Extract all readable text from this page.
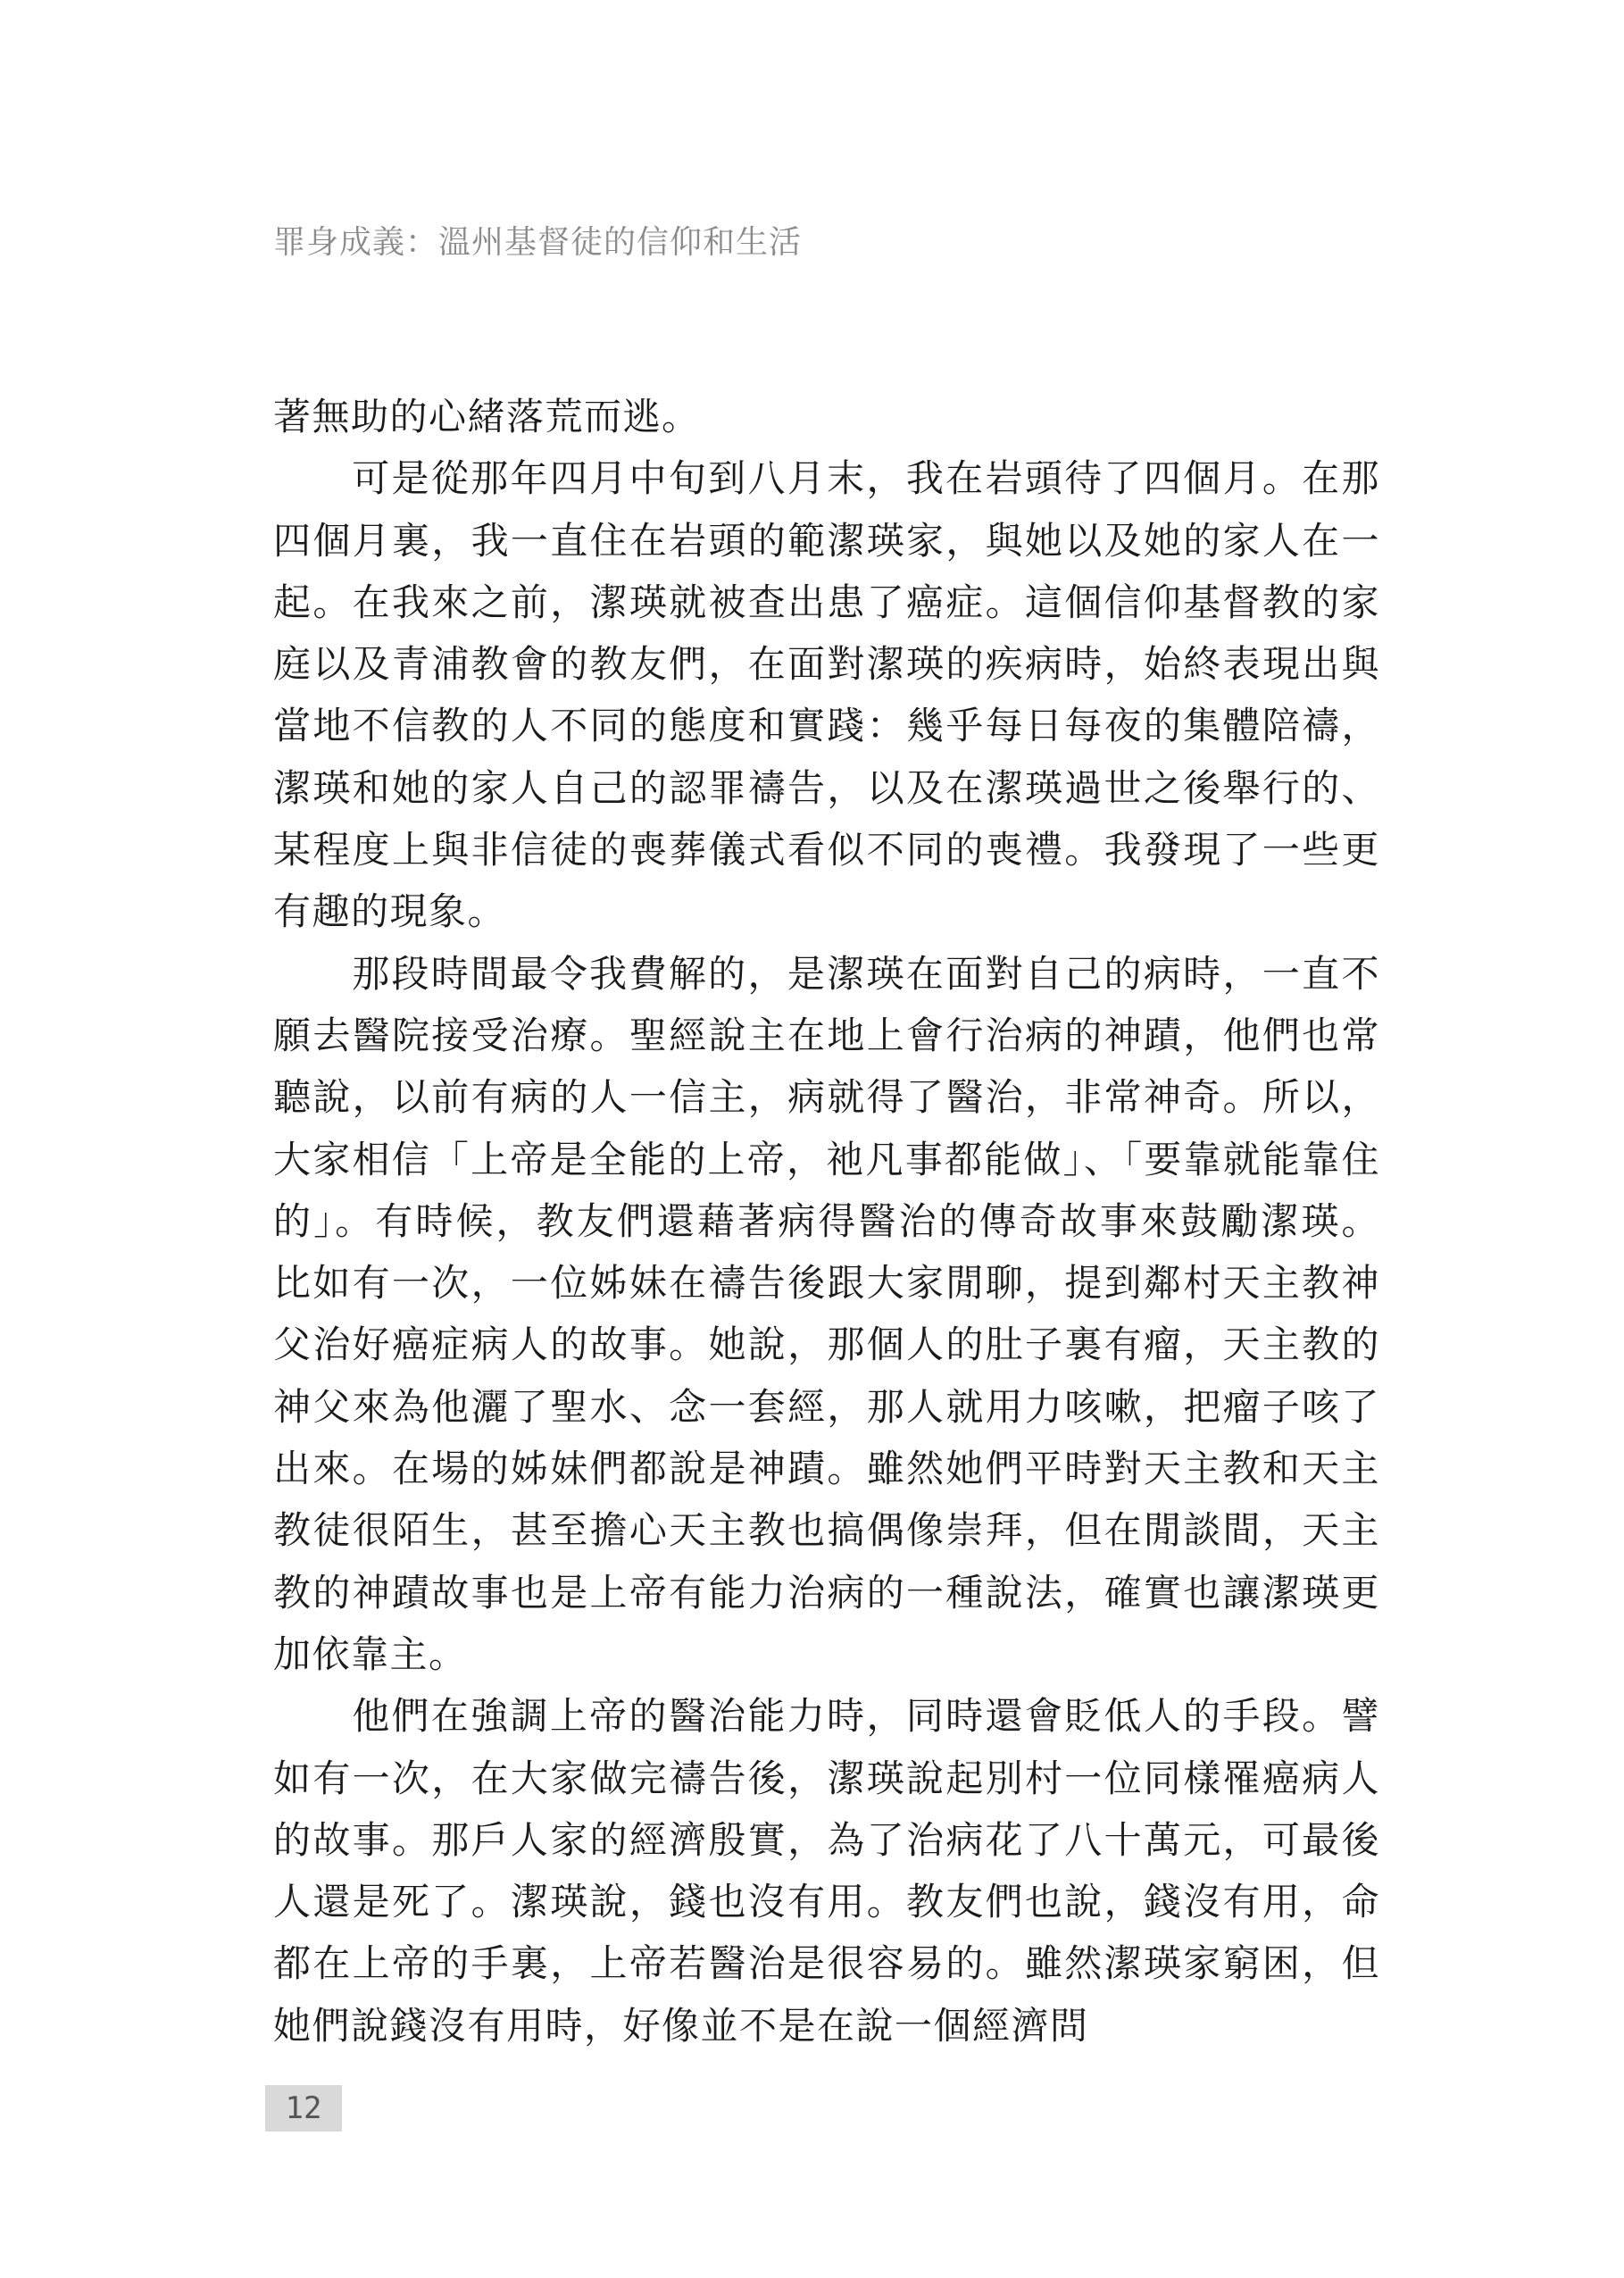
罪身成義：溫州基督徒的信仰和生活

著無助的心緒落荒而逃。

可是從那年四月中旬到八月末，我在岩頭待了四個月。在那四個月裏，我一直住在岩頭的範潔瑛家，與她以及她的家人在一起。在我來之前，潔瑛就被查出患了癌症。這個信仰基督教的家庭以及青浦教會的教友們，在面對潔瑛的疾病時，始終表現出與當地不信教的人不同的態度和實踐：幾乎每日每夜的集體陪禱，潔瑛和她的家人自己的認罪禱告，以及在潔瑛過世之後舉行的、某程度上與非信徒的喪葬儀式看似不同的喪禮。我發現了一些更有趣的現象。

那段時間最令我費解的，是潔瑛在面對自己的病時，一直不願去醫院接受治療。聖經說主在地上會行治病的神蹟，他們也常聽說，以前有病的人一信主，病就得了醫治，非常神奇。所以，大家相信「上帝是全能的上帝，祂凡事都能做」、「要靠就能靠住的」。有時候，教友們還藉著病得醫治的傳奇故事來鼓勵潔瑛。比如有一次，一位姊妹在禱告後跟大家閒聊，提到鄰村天主教神父治好癌症病人的故事。她說，那個人的肚子裏有瘤，天主教的神父來為他灑了聖水、念一套經，那人就用力咳嗽，把瘤子咳了出來。在場的姊妹們都說是神蹟。雖然她們平時對天主教和天主教徒很陌生，甚至擔心天主教也搞偶像崇拜，但在閒談間，天主教的神蹟故事也是上帝有能力治病的一種說法，確實也讓潔瑛更加依靠主。

他們在強調上帝的醫治能力時，同時還會貶低人的手段。譬如有一次，在大家做完禱告後，潔瑛說起別村一位同樣罹癌病人的故事。那戶人家的經濟殷實，為了治病花了八十萬元，可最後人還是死了。潔瑛說，錢也沒有用。教友們也說，錢沒有用，命都在上帝的手裏，上帝若醫治是很容易的。雖然潔瑛家窮困，但她們說錢沒有用時，好像並不是在說一個經濟問

12
